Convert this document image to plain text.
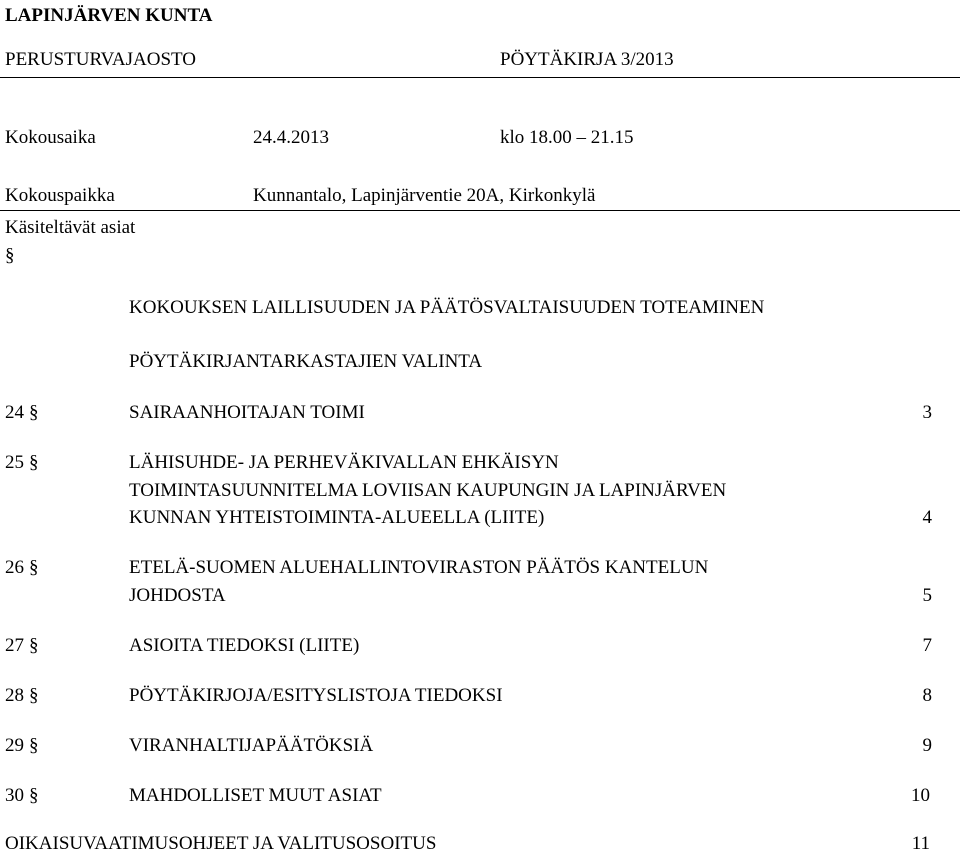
LAPINJÄRVEN KUNTA
PERUSTURVAJAOSTO	PÖYTÄKIRJA 3/2013
Kokousaika	24.4.2013	klo 18.00 – 21.15
Kokouspaikka	Kunnantalo, Lapinjärventie 20A, Kirkonkylä
Käsiteltävät asiat
§
KOKOUKSEN LAILLISUUDEN JA PÄÄTÖSVALTAISUUDEN TOTEAMINEN
PÖYTÄKIRJANTARKASTAJIEN VALINTA
24 §	SAIRAANHOITAJAN TOIMI	3
25 §	LÄHISUHDE- JA PERHEVÄKIVALLAN EHKÄISYN
TOIMINTASUUNNITELMA LOVIISAN KAUPUNGIN JA LAPINJÄRVEN
KUNNAN YHTEISTOIMINTA-ALUEELLA (LIITE)	4
26 §	ETELÄ-SUOMEN ALUEHALLINTOVIRASTON PÄÄTÖS KANTELUN
JOHDOSTA	5
27 §	ASIOITA TIEDOKSI (LIITE)	7
28 §	PÖYTÄKIRJOJA/ESITYSLISTOJA TIEDOKSI	8
29 §	VIRANHALTIJAPÄÄTÖKSIÄ	9
30 §	MAHDOLLISET MUUT ASIAT	10
OIKAISUVAATIMUSOHJEET JA VALITUSOSOITUS	11
